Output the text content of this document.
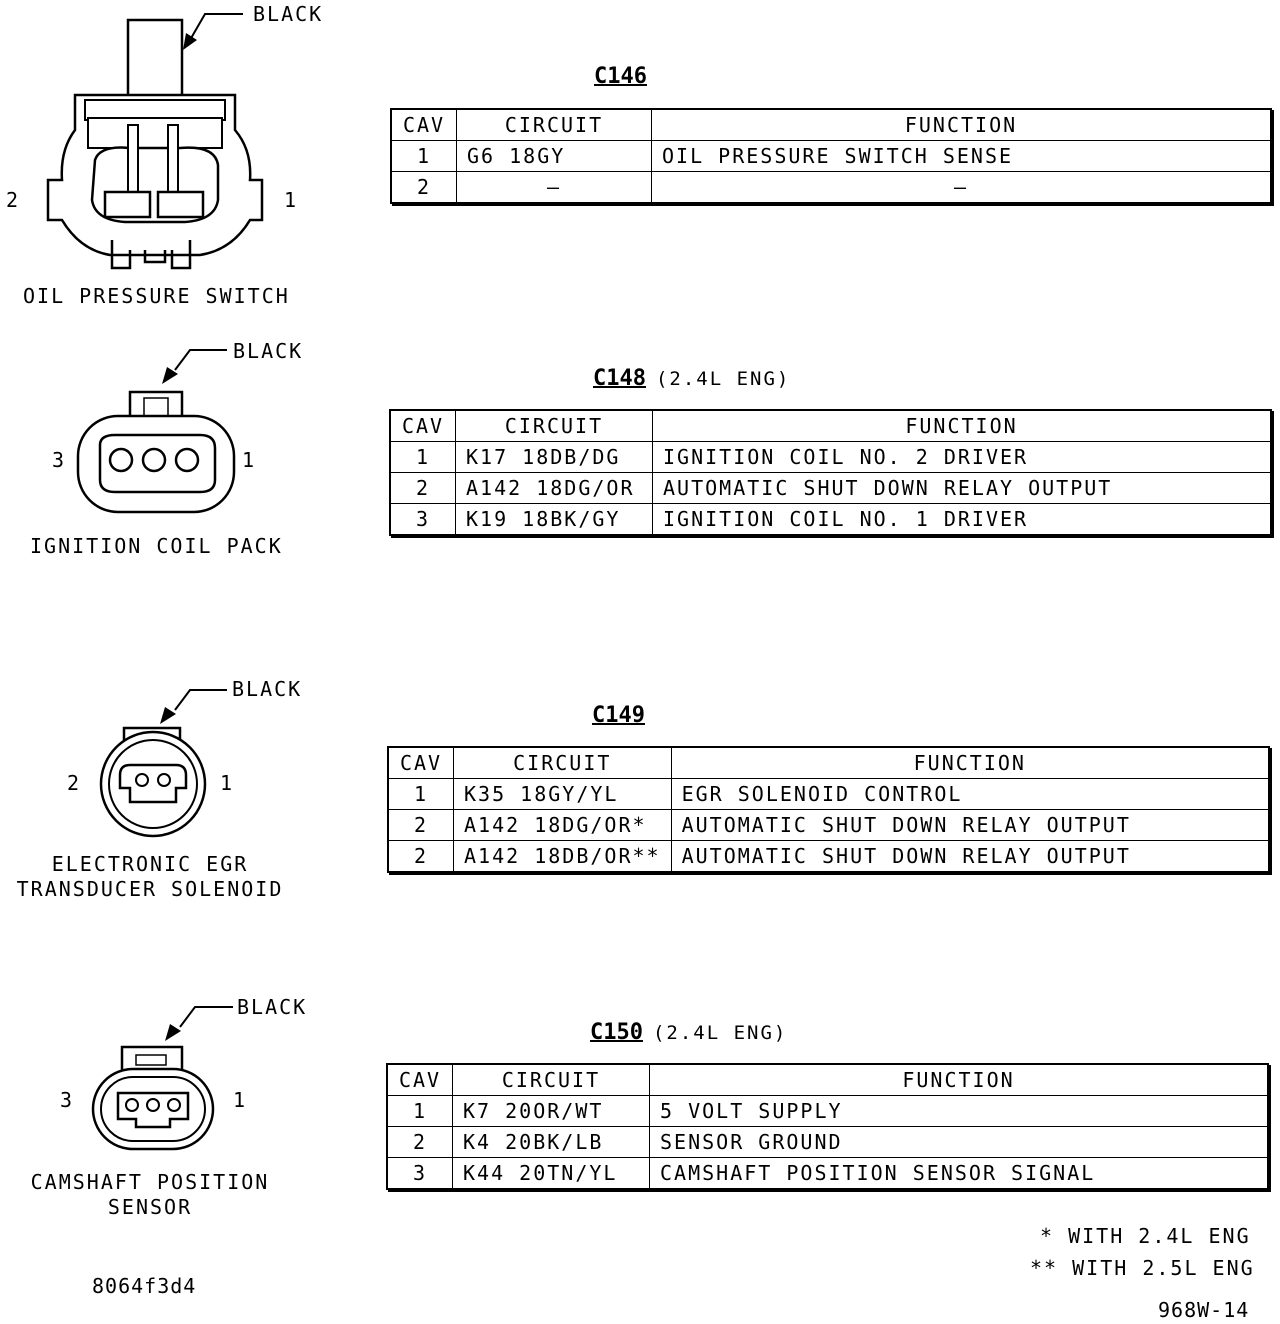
BLACK
2	1
OIL PRESSURE SWITCH
C146
CAV	CIRCUIT	FUNCTION
1	G6 18GY	OIL PRESSURE SWITCH SENSE
2	–	–
BLACK
3	1
IGNITION COIL PACK
C148 (2.4L ENG)
CAV	CIRCUIT	FUNCTION
1	K17 18DB/DG	IGNITION COIL NO. 2 DRIVER
2	A142 18DG/OR	AUTOMATIC SHUT DOWN RELAY OUTPUT
3	K19 18BK/GY	IGNITION COIL NO. 1 DRIVER
BLACK
2	1
ELECTRONIC EGR
TRANSDUCER SOLENOID
C149
CAV	CIRCUIT	FUNCTION
1	K35 18GY/YL	EGR SOLENOID CONTROL
2	A142 18DG/OR*	AUTOMATIC SHUT DOWN RELAY OUTPUT
2	A142 18DB/OR**	AUTOMATIC SHUT DOWN RELAY OUTPUT
BLACK
3	1
CAMSHAFT POSITION
SENSOR
C150 (2.4L ENG)
CAV	CIRCUIT	FUNCTION
1	K7 20OR/WT	5 VOLT SUPPLY
2	K4 20BK/LB	SENSOR GROUND
3	K44 20TN/YL	CAMSHAFT POSITION SENSOR SIGNAL
* WITH 2.4L ENG
** WITH 2.5L ENG
8064f3d4
968W-14
